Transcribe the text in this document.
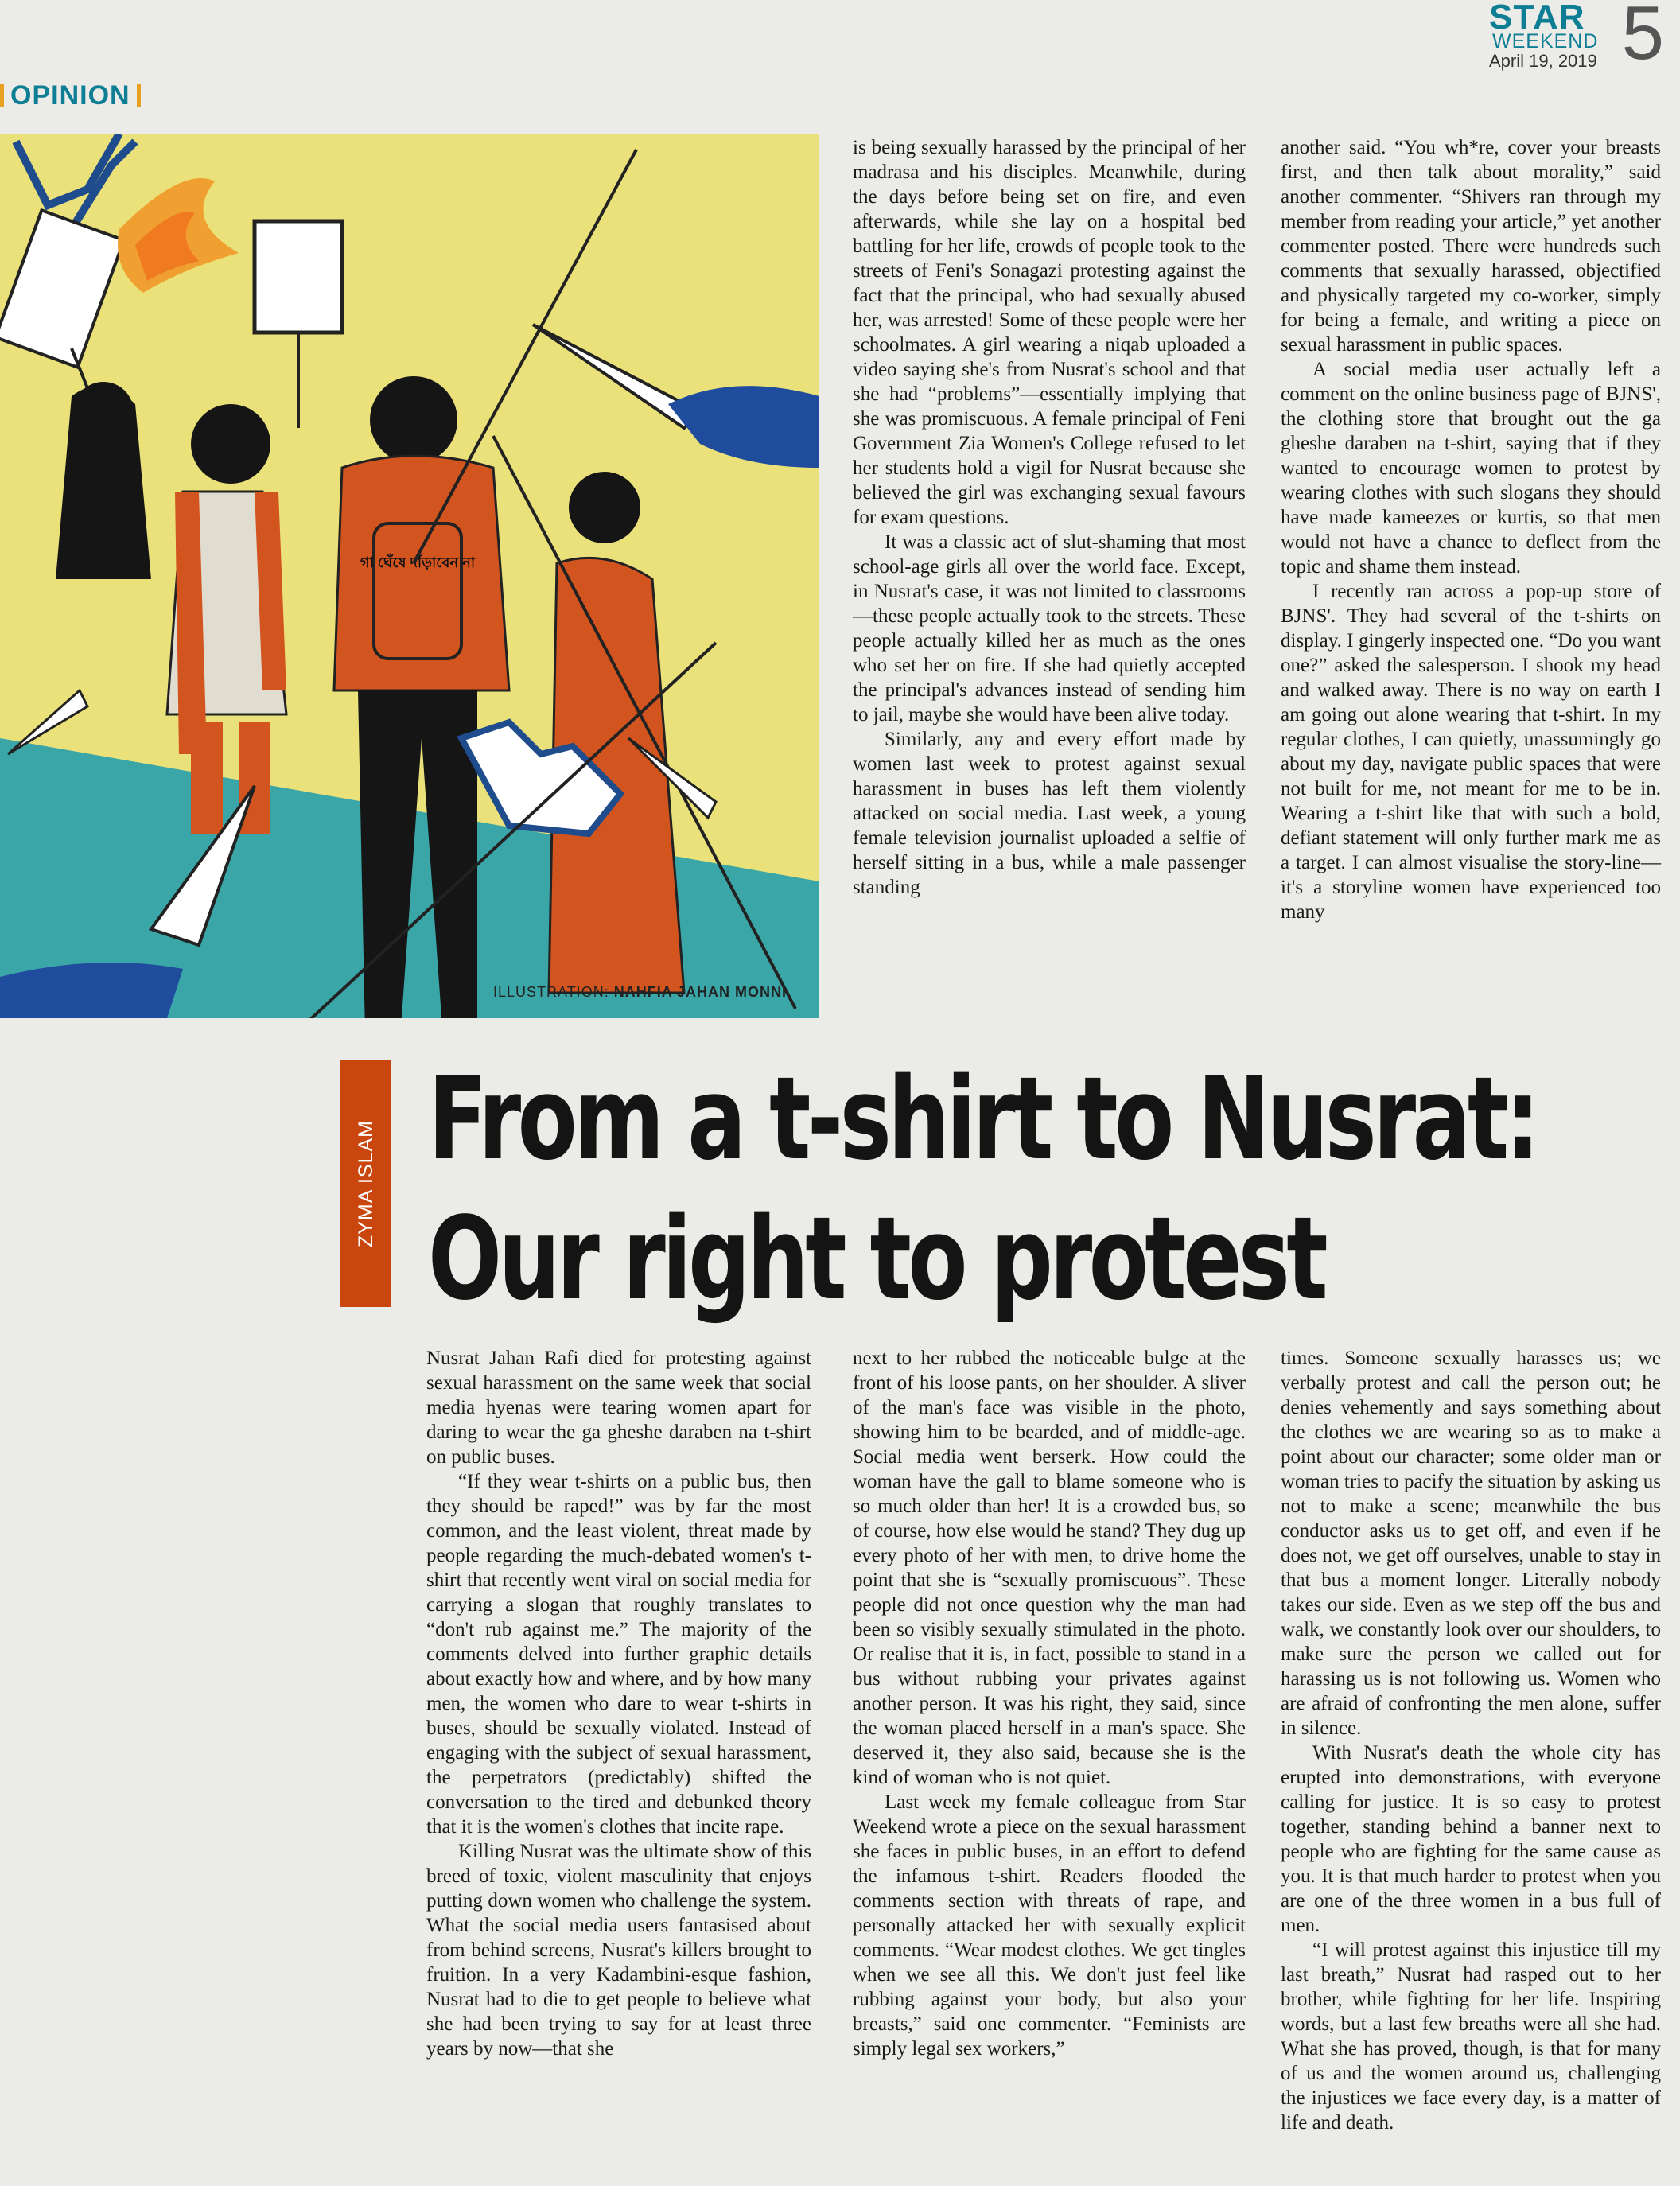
STAR
WEEKEND
April 19, 2019 5
OPINION
গা ঘেঁষে দাঁড়াবেন না
ILLUSTRATION: NAHFIA JAHAN MONNI

is being sexually harassed by the principal of her madrasa and his disciples. Meanwhile, during the days before being set on fire, and even afterwards, while she lay on a hospital bed battling for her life, crowds of people took to the streets of Feni's Sonagazi protesting against the fact that the principal, who had sexually abused her, was arrested! Some of these people were her schoolmates. A girl wearing a niqab uploaded a video saying she's from Nusrat's school and that she had “problems”—essentially implying that she was promiscuous. A female principal of Feni Government Zia Women's College refused to let her students hold a vigil for Nusrat because she believed the girl was exchanging sexual favours for exam questions.

It was a classic act of slut-shaming that most school-age girls all over the world face. Except, in Nusrat's case, it was not limited to classrooms—these people actually took to the streets. These people actually killed her as much as the ones who set her on fire. If she had quietly accepted the principal's advances instead of sending him to jail, maybe she would have been alive today.

Similarly, any and every effort made by women last week to protest against sexual harassment in buses has left them violently attacked on social media. Last week, a young female television journalist uploaded a selfie of herself sitting in a bus, while a male passenger standing

another said. “You wh*re, cover your breasts first, and then talk about morality,” said another commenter. “Shivers ran through my member from reading your article,” yet another commenter posted. There were hundreds such comments that sexually harassed, objectified and physically targeted my co-worker, simply for being a female, and writing a piece on sexual harassment in public spaces.

A social media user actually left a comment on the online business page of BJNS', the clothing store that brought out the ga gheshe daraben na t-shirt, saying that if they wanted to encourage women to protest by wearing clothes with such slogans they should have made kameezes or kurtis, so that men would not have a chance to deflect from the topic and shame them instead.

I recently ran across a pop-up store of BJNS'. They had several of the t-shirts on display. I gingerly inspected one. “Do you want one?” asked the salesperson. I shook my head and walked away. There is no way on earth I am going out alone wearing that t-shirt. In my regular clothes, I can quietly, unassumingly go about my day, navigate public spaces that were not built for me, not meant for me to be in. Wearing a t-shirt like that with such a bold, defiant statement will only further mark me as a target. I can almost visualise the story-line—it's a storyline women have experienced too many

ZYMA ISLAM From a t-shirt to Nusrat:
Our right to protest

Nusrat Jahan Rafi died for protesting against sexual harassment on the same week that social media hyenas were tearing women apart for daring to wear the ga gheshe daraben na t-shirt on public buses.

“If they wear t-shirts on a public bus, then they should be raped!” was by far the most common, and the least violent, threat made by people regarding the much-debated women's t-shirt that recently went viral on social media for carrying a slogan that roughly translates to “don't rub against me.” The majority of the comments delved into further graphic details about exactly how and where, and by how many men, the women who dare to wear t-shirts in buses, should be sexually violated. Instead of engaging with the subject of sexual harassment, the perpetrators (predictably) shifted the conversation to the tired and debunked theory that it is the women's clothes that incite rape.

Killing Nusrat was the ultimate show of this breed of toxic, violent masculinity that enjoys putting down women who challenge the system. What the social media users fantasised about from behind screens, Nusrat's killers brought to fruition. In a very Kadambini-esque fashion, Nusrat had to die to get people to believe what she had been trying to say for at least three years by now—that she

next to her rubbed the noticeable bulge at the front of his loose pants, on her shoulder. A sliver of the man's face was visible in the photo, showing him to be bearded, and of middle-age. Social media went berserk. How could the woman have the gall to blame someone who is so much older than her! It is a crowded bus, so of course, how else would he stand? They dug up every photo of her with men, to drive home the point that she is “sexually promiscuous”. These people did not once question why the man had been so visibly sexually stimulated in the photo. Or realise that it is, in fact, possible to stand in a bus without rubbing your privates against another person. It was his right, they said, since the woman placed herself in a man's space. She deserved it, they also said, because she is the kind of woman who is not quiet.

Last week my female colleague from Star Weekend wrote a piece on the sexual harassment she faces in public buses, in an effort to defend the infamous t-shirt. Readers flooded the comments section with threats of rape, and personally attacked her with sexually explicit comments. “Wear modest clothes. We get tingles when we see all this. We don't just feel like rubbing against your body, but also your breasts,” said one commenter. “Feminists are simply legal sex workers,”

times. Someone sexually harasses us; we verbally protest and call the person out; he denies vehemently and says something about the clothes we are wearing so as to make a point about our character; some older man or woman tries to pacify the situation by asking us not to make a scene; meanwhile the bus conductor asks us to get off, and even if he does not, we get off ourselves, unable to stay in that bus a moment longer. Literally nobody takes our side. Even as we step off the bus and walk, we constantly look over our shoulders, to make sure the person we called out for harassing us is not following us. Women who are afraid of confronting the men alone, suffer in silence.

With Nusrat's death the whole city has erupted into demonstrations, with everyone calling for justice. It is so easy to protest together, standing behind a banner next to people who are fighting for the same cause as you. It is that much harder to protest when you are one of the three women in a bus full of men.

“I will protest against this injustice till my last breath,” Nusrat had rasped out to her brother, while fighting for her life. Inspiring words, but a last few breaths were all she had. What she has proved, though, is that for many of us and the women around us, challenging the injustices we face every day, is a matter of life and death.
